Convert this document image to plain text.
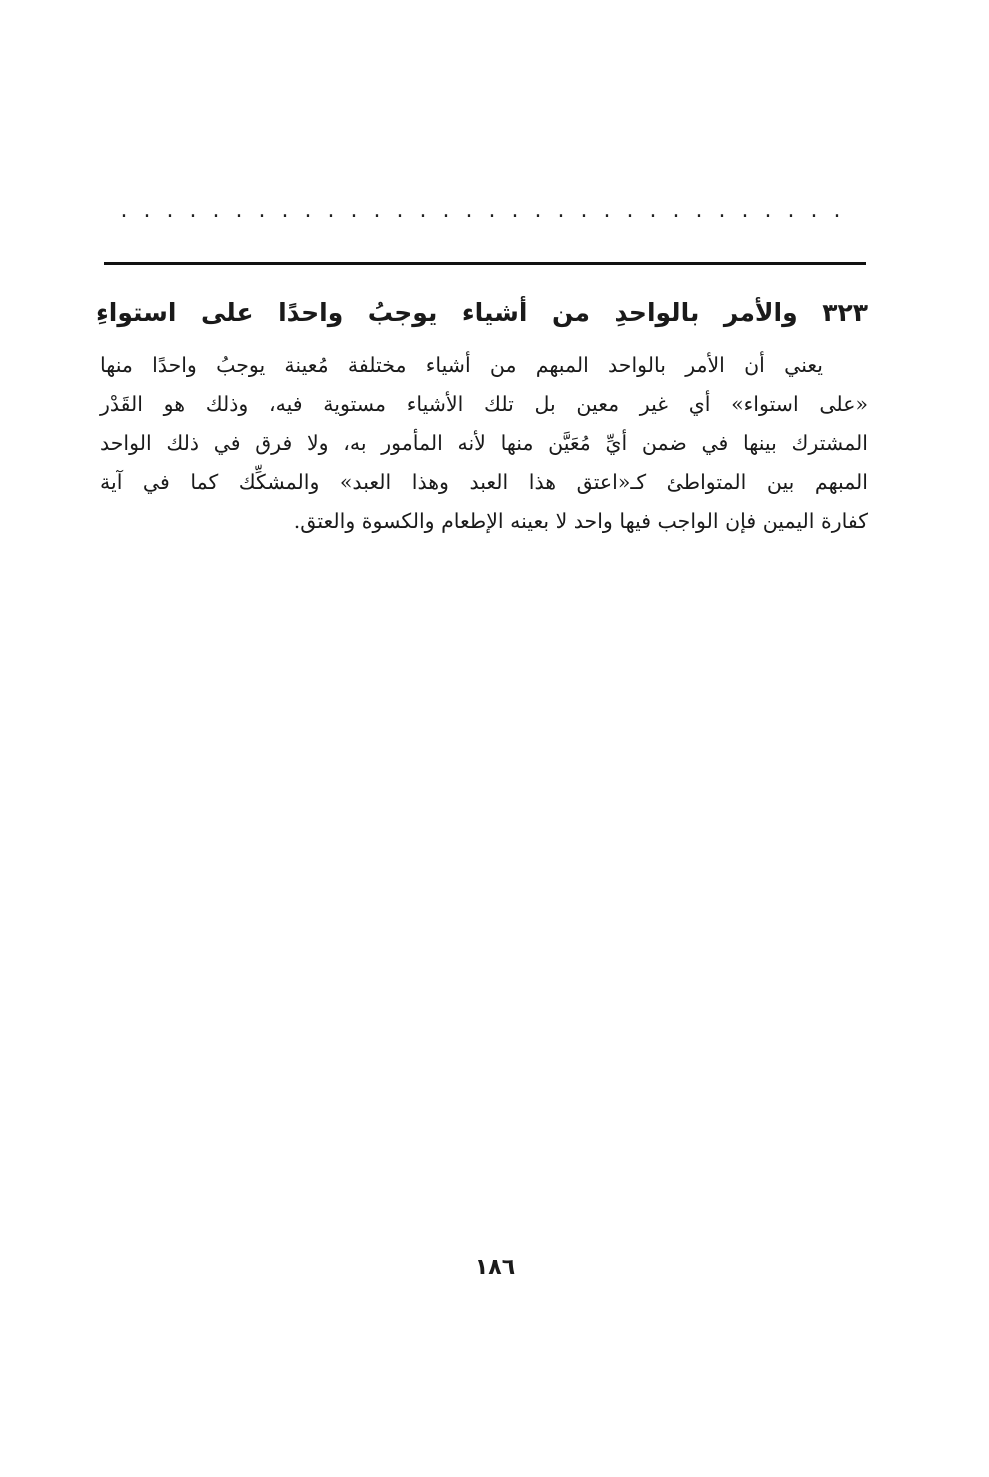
. . . . . . . . . . . . . . . . . . . . . . . . . . . . . . . .
٣٢٣
والأمر
بالواحدِ
من
أشياء
يوجبُ
واحدًا
على
استواءِ
يعني أن الأمر بالواحد المبهم من أشياء مختلفة مُعينة يوجبُ واحدًا منها
«على استواء» أي غير معين بل تلك الأشياء مستوية فيه، وذلك هو القَدْر
المشترك بينها في ضمن أيِّ مُعَيَّن منها لأنه المأمور به، ولا فرق في ذلك الواحد
المبهم بين المتواطئ كـ«اعتق هذا العبد وهذا العبد» والمشكِّك كما في آية
كفارة اليمين فإن الواجب فيها واحد لا بعينه الإطعام والكسوة والعتق.
١٨٦
